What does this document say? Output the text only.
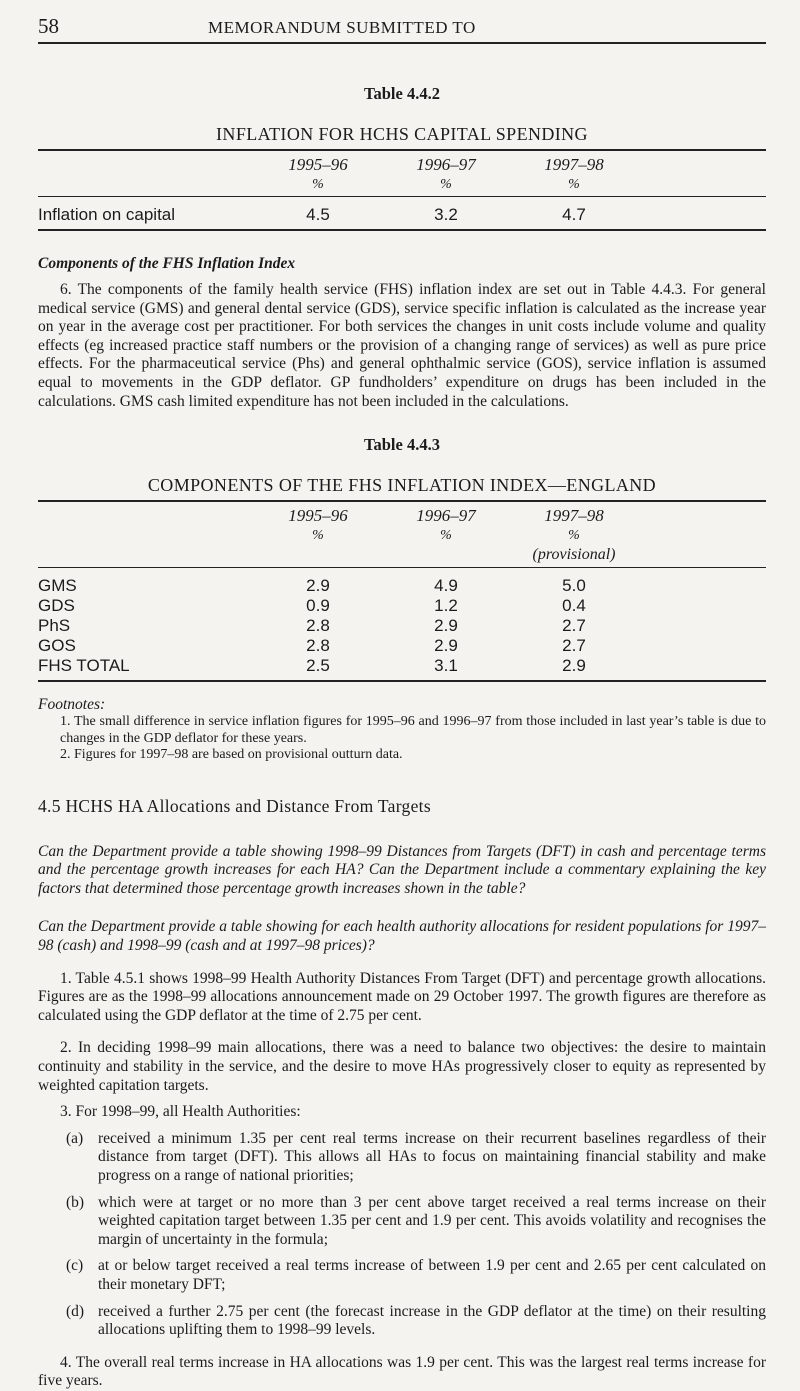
58	MEMORANDUM SUBMITTED TO
Table 4.4.2
INFLATION FOR HCHS CAPITAL SPENDING
1995–96	1996–97	1997–98
%	%	%
Inflation on capital	4.5	3.2	4.7
Components of the FHS Inflation Index

6. The components of the family health service (FHS) inflation index are set out in Table 4.4.3. For general medical service (GMS) and general dental service (GDS), service specific inflation is calculated as the increase year on year in the average cost per practitioner. For both services the changes in unit costs include volume and quality effects (eg increased practice staff numbers or the provision of a changing range of services) as well as pure price effects. For the pharmaceutical service (Phs) and general ophthalmic service (GOS), service inflation is assumed equal to movements in the GDP deflator. GP fundholders’ expenditure on drugs has been included in the calculations. GMS cash limited expenditure has not been included in the calculations.

Table 4.4.3
COMPONENTS OF THE FHS INFLATION INDEX—ENGLAND
1995–96	1996–97	1997–98
%	%	%
(provisional)
GMS	2.9	4.9	5.0
GDS	0.9	1.2	0.4
PhS	2.8	2.9	2.7
GOS	2.8	2.9	2.7
FHS TOTAL	2.5	3.1	2.9
Footnotes:

1. The small difference in service inflation figures for 1995–96 and 1996–97 from those included in last year’s table is due to changes in the GDP deflator for these years.

2. Figures for 1997–98 are based on provisional outturn data.

4.5 HCHS HA Allocations and Distance From Targets

Can the Department provide a table showing 1998–99 Distances from Targets (DFT) in cash and percentage terms and the percentage growth increases for each HA? Can the Department include a commentary explaining the key factors that determined those percentage growth increases shown in the table?

Can the Department provide a table showing for each health authority allocations for resident populations for 1997–98 (cash) and 1998–99 (cash and at 1997–98 prices)?

1. Table 4.5.1 shows 1998–99 Health Authority Distances From Target (DFT) and percentage growth allocations. Figures are as the 1998–99 allocations announcement made on 29 October 1997. The growth figures are therefore as calculated using the GDP deflator at the time of 2.75 per cent.

2. In deciding 1998–99 main allocations, there was a need to balance two objectives: the desire to maintain continuity and stability in the service, and the desire to move HAs progressively closer to equity as represented by weighted capitation targets.

3. For 1998–99, all Health Authorities:

(a) received a minimum 1.35 per cent real terms increase on their recurrent baselines regardless of their distance from target (DFT). This allows all HAs to focus on maintaining financial stability and make progress on a range of national priorities;

(b) which were at target or no more than 3 per cent above target received a real terms increase on their weighted capitation target between 1.35 per cent and 1.9 per cent. This avoids volatility and recognises the margin of uncertainty in the formula;

(c) at or below target received a real terms increase of between 1.9 per cent and 2.65 per cent calculated on their monetary DFT;

(d) received a further 2.75 per cent (the forecast increase in the GDP deflator at the time) on their resulting allocations uplifting them to 1998–99 levels.

4. The overall real terms increase in HA allocations was 1.9 per cent. This was the largest real terms increase for five years.
